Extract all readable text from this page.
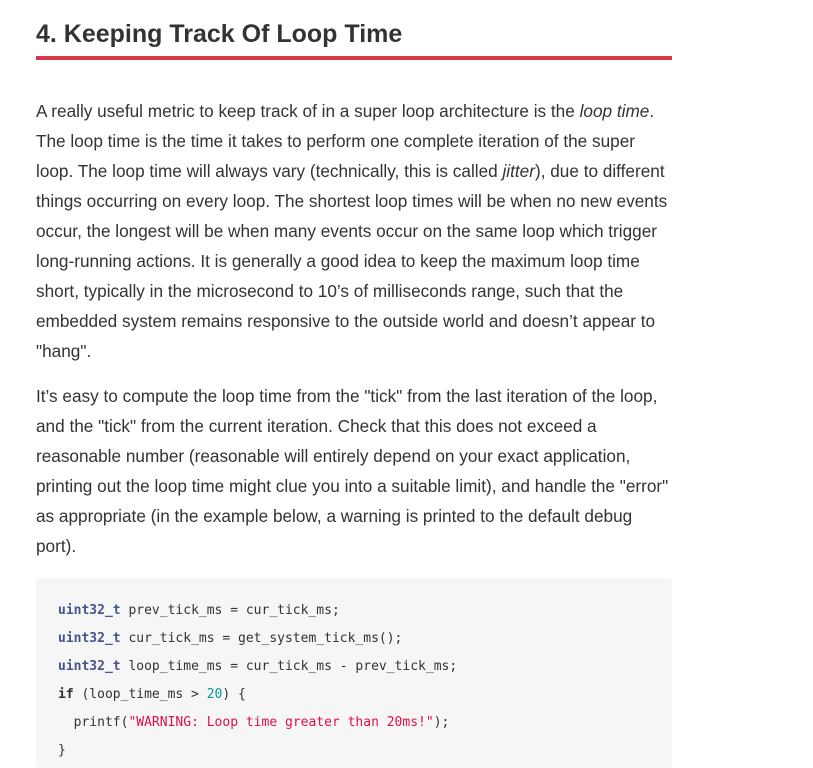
4. Keeping Track Of Loop Time

A really useful metric to keep track of in a super loop architecture is the loop time. The loop time is the time it takes to perform one complete iteration of the super loop. The loop time will always vary (technically, this is called jitter), due to different things occurring on every loop. The shortest loop times will be when no new events occur, the longest will be when many events occur on the same loop which trigger long-running actions. It is generally a good idea to keep the maximum loop time short, typically in the microsecond to 10’s of milliseconds range, such that the embedded system remains responsive to the outside world and doesn’t appear to "hang".

It’s easy to compute the loop time from the "tick" from the last iteration of the loop, and the "tick" from the current iteration. Check that this does not exceed a reasonable number (reasonable will entirely depend on your exact application, printing out the loop time might clue you into a suitable limit), and handle the "error" as appropriate (in the example below, a warning is printed to the default debug port).

uint32_t prev_tick_ms = cur_tick_ms;
uint32_t cur_tick_ms = get_system_tick_ms();
uint32_t loop_time_ms = cur_tick_ms - prev_tick_ms;
if (loop_time_ms > 20) {
printf("WARNING: Loop time greater than 20ms!");
}
